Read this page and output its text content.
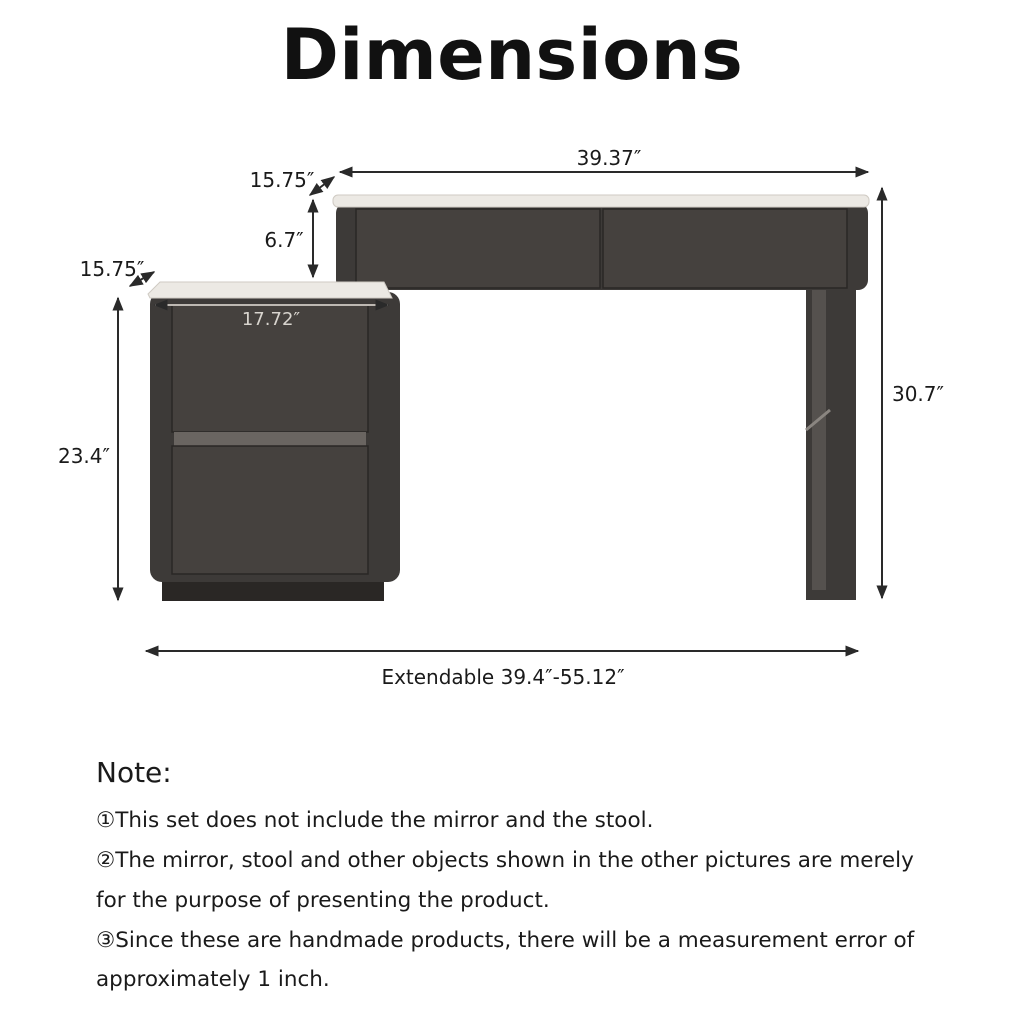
Dimensions
39.37″
15.75″
6.7″
30.7″
15.75″
17.72″
23.4″
Extendable 39.4″-55.12″
Note:
①This set does not include the mirror and the stool.
②The mirror, stool and other objects shown in the other pictures are merely
for the purpose of presenting the product.
③Since these are handmade products, there will be a measurement error of
approximately 1 inch.
